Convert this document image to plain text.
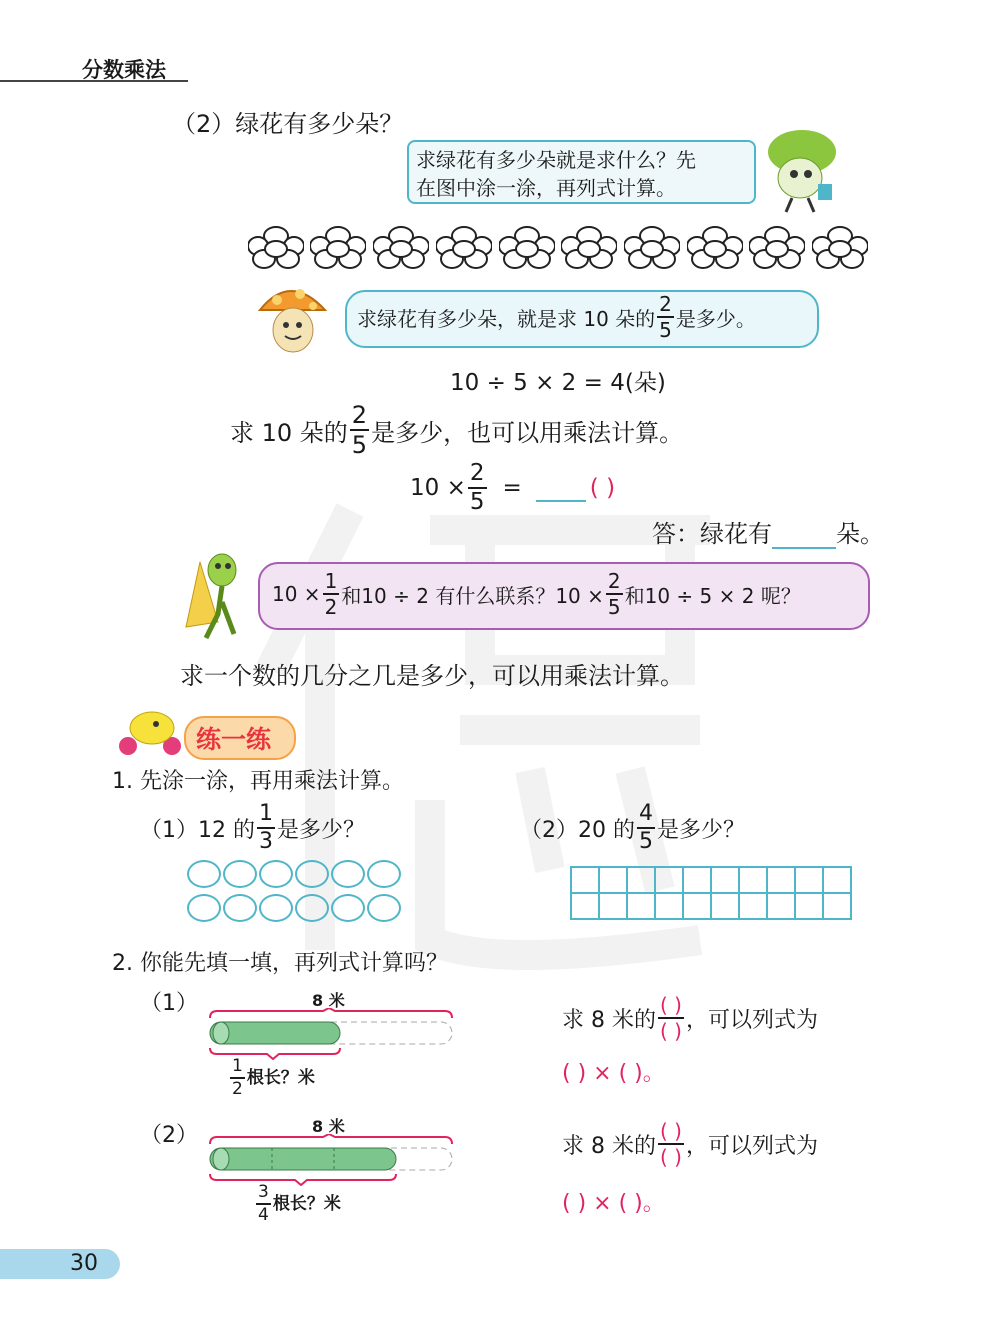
分数乘法
（2）绿花有多少朵？
求绿花有多少朵就是求什么？先
在图中涂一涂，再列式计算。
求绿花有多少朵，就是求 10 朵的 $\frac{2}{5}$ 是多少。
10 ÷ 5 × 2 = 4(朵)
求 10 朵的 $\frac{2}{5}$ 是多少，也可以用乘法计算。
$10 \times \frac{2}{5}$ =	( )
答：绿花有	朵。
$10 \times \frac{1}{2}$ 和10 ÷ 2 有什么联系？$10 \times \frac{2}{5}$ 和10 ÷ 5 × 2 呢？
求一个数的几分之几是多少，可以用乘法计算。
练一练
1. 先涂一涂，再用乘法计算。
（1）12 的 $\frac{1}{3}$ 是多少？	（2）20 的 $\frac{4}{5}$ 是多少？

2. 你能先填一填，再列式计算吗？
（1）	8 米
$\frac{1}{2}$ 根长？米
求 8 米的 $\frac{( )}{( )}$ ，可以列式为
( ) × ( )。
（2）	8 米
$\frac{3}{4}$ 根长？米
求 8 米的 $\frac{( )}{( )}$ ，可以列式为
( ) × ( )。
30
